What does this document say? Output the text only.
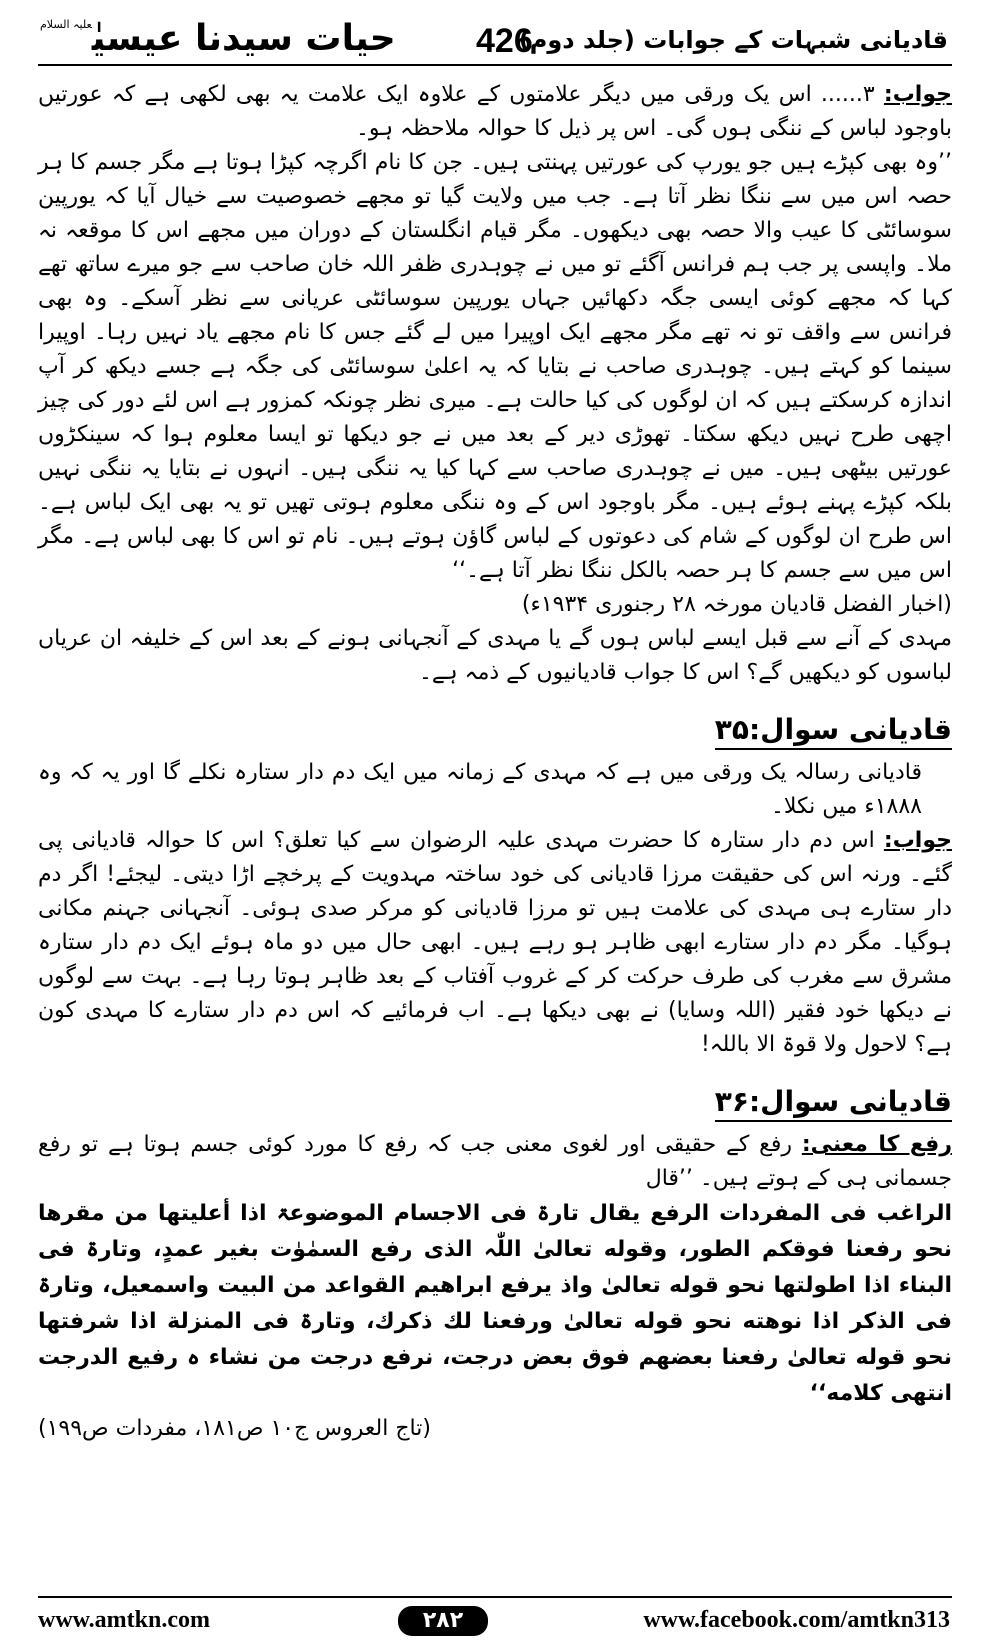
حیات سیدنا عیسیٰ$^{علیہ السلام}$	426
قادیانی شبہات کے جوابات (جلد دوم)

جواب: ۳...... اس یک ورقی میں دیگر علامتوں کے علاوہ ایک علامت یہ بھی لکھی ہے کہ عورتیں باوجود لباس کے ننگی ہوں گی۔ اس پر ذیل کا حوالہ ملاحظہ ہو۔

’’وہ بھی کپڑے ہیں جو یورپ کی عورتیں پہنتی ہیں۔ جن کا نام اگرچہ کپڑا ہوتا ہے مگر جسم کا ہر حصہ اس میں سے ننگا نظر آتا ہے۔ جب میں ولایت گیا تو مجھے خصوصیت سے خیال آیا کہ یورپین سوسائٹی کا عیب والا حصہ بھی دیکھوں۔ مگر قیام انگلستان کے دوران میں مجھے اس کا موقعہ نہ ملا۔ واپسی پر جب ہم فرانس آگئے تو میں نے چوہدری ظفر اللہ خان صاحب سے جو میرے ساتھ تھے کہا کہ مجھے کوئی ایسی جگہ دکھائیں جہاں یورپین سوسائٹی عریانی سے نظر آسکے۔ وہ بھی فرانس سے واقف تو نہ تھے مگر مجھے ایک اوپیرا میں لے گئے جس کا نام مجھے یاد نہیں رہا۔ اوپیرا سینما کو کہتے ہیں۔ چوہدری صاحب نے بتایا کہ یہ اعلیٰ سوسائٹی کی جگہ ہے جسے دیکھ کر آپ اندازہ کرسکتے ہیں کہ ان لوگوں کی کیا حالت ہے۔ میری نظر چونکہ کمزور ہے اس لئے دور کی چیز اچھی طرح نہیں دیکھ سکتا۔ تھوڑی دیر کے بعد میں نے جو دیکھا تو ایسا معلوم ہوا کہ سینکڑوں عورتیں بیٹھی ہیں۔ میں نے چوہدری صاحب سے کہا کیا یہ ننگی ہیں۔ انہوں نے بتایا یہ ننگی نہیں بلکہ کپڑے پہنے ہوئے ہیں۔ مگر باوجود اس کے وہ ننگی معلوم ہوتی تھیں تو یہ بھی ایک لباس ہے۔ اس طرح ان لوگوں کے شام کی دعوتوں کے لباس گاؤن ہوتے ہیں۔ نام تو اس کا بھی لباس ہے۔ مگر اس میں سے جسم کا ہر حصہ بالکل ننگا نظر آتا ہے۔‘‘

(اخبار الفضل قادیان مورخہ ۲۸ رجنوری ۱۹۳۴ء)

مہدی کے آنے سے قبل ایسے لباس ہوں گے یا مہدی کے آنجہانی ہونے کے بعد اس کے خلیفہ ان عریاں لباسوں کو دیکھیں گے؟ اس کا جواب قادیانیوں کے ذمہ ہے۔

قادیانی سوال:۳۵

قادیانی رسالہ یک ورقی میں ہے کہ مہدی کے زمانہ میں ایک دم دار ستارہ نکلے گا اور یہ کہ وہ ۱۸۸۸ء میں نکلا۔

جواب: اس دم دار ستارہ کا حضرت مہدی علیہ الرضوان سے کیا تعلق؟ اس کا حوالہ قادیانی پی گئے۔ ورنہ اس کی حقیقت مرزا قادیانی کی خود ساختہ مہدویت کے پرخچے اڑا دیتی۔ لیجئے! اگر دم دار ستارے ہی مہدی کی علامت ہیں تو مرزا قادیانی کو مرکر صدی ہوئی۔ آنجہانی جہنم مکانی ہوگیا۔ مگر دم دار ستارے ابھی ظاہر ہو رہے ہیں۔ ابھی حال میں دو ماہ ہوئے ایک دم دار ستارہ مشرق سے مغرب کی طرف حرکت کر کے غروب آفتاب کے بعد ظاہر ہوتا رہا ہے۔ بہت سے لوگوں نے دیکھا خود فقیر (اللہ وسایا) نے بھی دیکھا ہے۔ اب فرمائیے کہ اس دم دار ستارے کا مہدی کون ہے؟ لاحول ولا قوۃ الا باللہ!

قادیانی سوال:۳۶

رفع کا معنی: رفع کے حقیقی اور لغوی معنی جب کہ رفع کا مورد کوئی جسم ہوتا ہے تو رفع جسمانی ہی کے ہوتے ہیں۔ ’’قال

الراغب فی المفردات الرفع یقال تارۃ فی الاجسام الموضوعۃ اذا أعلیتها من مقرها نحو رفعنا فوقکم الطور، وقوله تعالیٰ اللّٰہ الذی رفع السمٰوٰت بغیر عمدٍ، وتارۃ فی البناء اذا اطولتها نحو قوله تعالیٰ واذ یرفع ابراھیم القواعد من البیت واسمعیل، وتارۃ فی الذکر اذا نوھته نحو قوله تعالیٰ ورفعنا لك ذکرك، وتارۃ فی المنزلة اذا شرفتها نحو قوله تعالیٰ رفعنا بعضهم فوق بعض درجت، نرفع درجت من نشاء ہ رفیع الدرجت انتهی کلامه‘‘

(تاج العروس ج۱۰ ص۱۸۱، مفردات ص۱۹۹)

www.amtkn.com	۲۸۲	www.facebook.com/amtkn313
